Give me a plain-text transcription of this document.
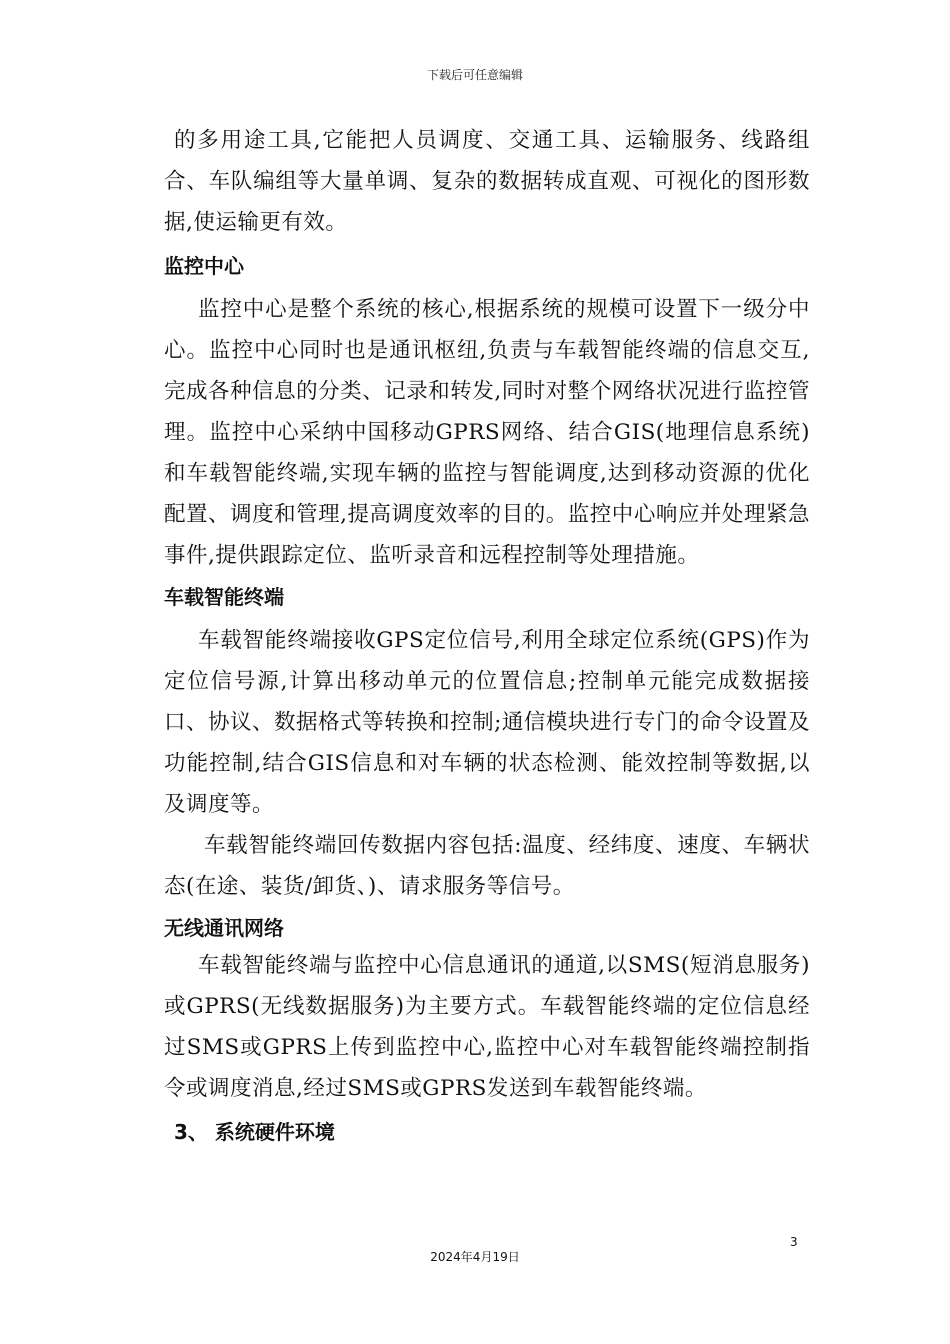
下载后可任意编辑

的多用途工具,它能把人员调度、交通工具、运输服务、线路组合、车队编组等大量单调、复杂的数据转成直观、可视化的图形数据,使运输更有效。

监控中心

监控中心是整个系统的核心,根据系统的规模可设置下一级分中心。监控中心同时也是通讯枢纽,负责与车载智能终端的信息交互,完成各种信息的分类、记录和转发,同时对整个网络状况进行监控管理。监控中心采纳中国移动GPRS网络、结合GIS(地理信息系统)和车载智能终端,实现车辆的监控与智能调度,达到移动资源的优化配置、调度和管理,提高调度效率的目的。监控中心响应并处理紧急事件,提供跟踪定位、监听录音和远程控制等处理措施。

车载智能终端

车载智能终端接收GPS定位信号,利用全球定位系统(GPS)作为定位信号源,计算出移动单元的位置信息;控制单元能完成数据接口、协议、数据格式等转换和控制;通信模块进行专门的命令设置及功能控制,结合GIS信息和对车辆的状态检测、能效控制等数据,以及调度等。

车载智能终端回传数据内容包括:温度、经纬度、速度、车辆状态(在途、装货/卸货、)、请求服务等信号。

无线通讯网络

车载智能终端与监控中心信息通讯的通道,以SMS(短消息服务)或GPRS(无线数据服务)为主要方式。车载智能终端的定位信息经过SMS或GPRS上传到监控中心,监控中心对车载智能终端控制指令或调度消息,经过SMS或GPRS发送到车载智能终端。

3、 系统硬件环境
3
2024年4月19日
